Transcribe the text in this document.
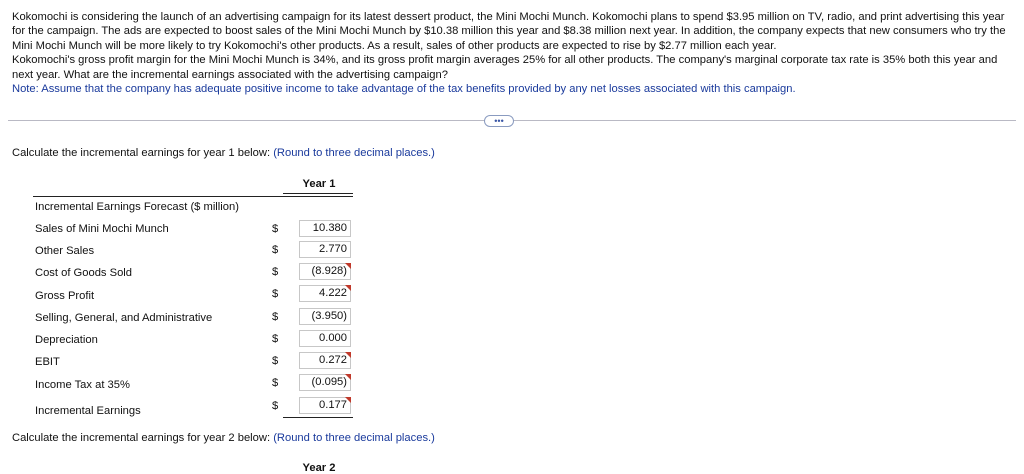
Kokomochi is considering the launch of an advertising campaign for its latest dessert product, the Mini Mochi Munch. Kokomochi plans to spend $3.95 million on TV, radio, and print advertising this year for the campaign. The ads are expected to boost sales of the Mini Mochi Munch by $10.38 million this year and $8.38 million next year. In addition, the company expects that new consumers who try the Mini Mochi Munch will be more likely to try Kokomochi's other products. As a result, sales of other products are expected to rise by $2.77 million each year.

Kokomochi's gross profit margin for the Mini Mochi Munch is 34%, and its gross profit margin averages 25% for all other products. The company's marginal corporate tax rate is 35% both this year and next year. What are the incremental earnings associated with the advertising campaign?

Note: Assume that the company has adequate positive income to take advantage of the tax benefits provided by any net losses associated with this campaign.

•••
Calculate the incremental earnings for year 1 below: (Round to three decimal places.)
Year 1
Incremental Earnings Forecast ($ million)
Sales of Mini Mochi Munch	$	10.380
Other Sales	$	2.770
Cost of Goods Sold	$	(8.928)
Gross Profit	$	4.222
Selling, General, and Administrative	$	(3.950)
Depreciation	$	0.000
EBIT	$	0.272
Income Tax at 35%	$	(0.095)
Incremental Earnings	$	0.177
Calculate the incremental earnings for year 2 below: (Round to three decimal places.)
Year 2
